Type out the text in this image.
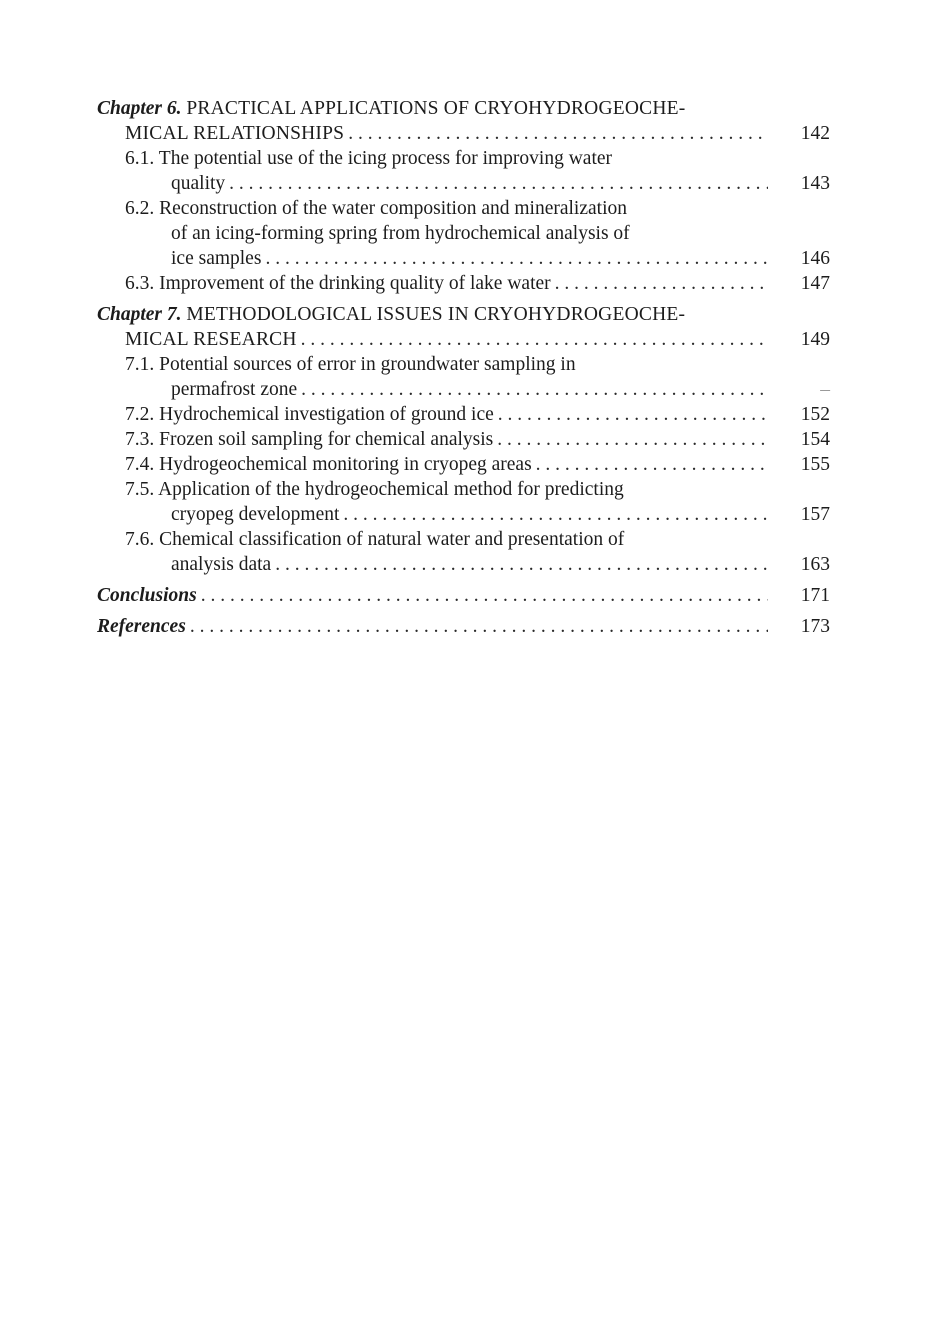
Chapter 6. PRACTICAL APPLICATIONS OF CRYOHYDROGEOCHE-
MICAL RELATIONSHIPS . . .	142
6.1. The potential use of the icing process for improving water
quality . . .	143
6.2. Reconstruction of the water composition and mineralization
of an icing-forming spring from hydrochemical analysis of
ice samples . . .	146
6.3. Improvement of the drinking quality of lake water . . .	147
Chapter 7. METHODOLOGICAL ISSUES IN CRYOHYDROGEOCHE-
MICAL RESEARCH . . .	149
7.1. Potential sources of error in groundwater sampling in
permafrost zone . . .	–
7.2. Hydrochemical investigation of ground ice . . .	152
7.3. Frozen soil sampling for chemical analysis . . .	154
7.4. Hydrogeochemical monitoring in cryopeg areas . . .	155
7.5. Application of the hydrogeochemical method for predicting
cryopeg development . . .	157
7.6. Chemical classification of natural water and presentation of
analysis data . . .	163
Conclusions . . .	171
References . . .	173
